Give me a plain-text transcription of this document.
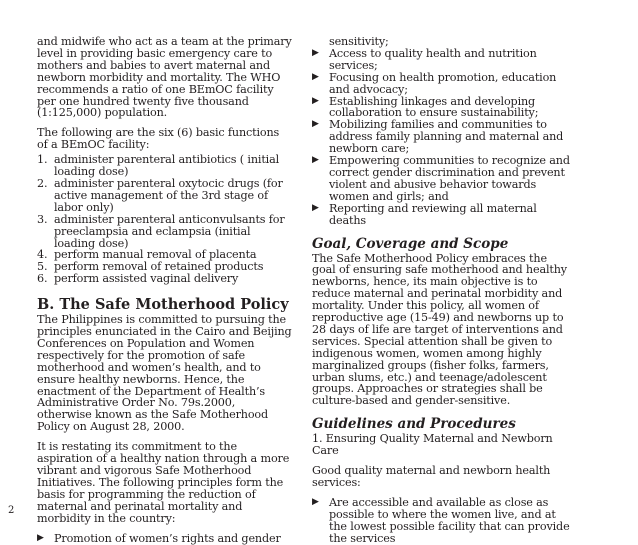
and midwife who act as a team at the primary level in providing basic emergency care to mothers and babies to avert maternal and newborn morbidity and mortality. The WHO recommends a ratio of one BEmOC facility per one hundred twenty five thousand (1:125,000) population.

The following are the six (6) basic functions of a BEmOC facility:

1. administer parenteral antibiotics ( initial loading dose)
2. administer parenteral oxytocic drugs (for active management of the 3rd stage of labor only)
3. administer parenteral anticonvulsants for preeclampsia and eclampsia (initial loading dose)
4. perform manual removal of placenta
5. perform removal of retained products
6. perform assisted vaginal delivery
B. The Safe Motherhood Policy

The Philippines is committed to pursuing the principles enunciated in the Cairo and Beijing Conferences on Population and Women respectively for the promotion of safe motherhood and women’s health, and to ensure healthy newborns. Hence, the enactment of the Department of Health’s Administrative Order No. 79s.2000, otherwise known as the Safe Motherhood Policy on August 28, 2000.

It is restating its commitment to the aspiration of a healthy nation through a more vibrant and vigorous Safe Motherhood Initiatives. The following principles form the basis for programming the reduction of maternal and perinatal mortality and morbidity in the country:

▶ Promotion of women’s rights and gender

sensitivity;

▶ Access to quality health and nutrition services;
▶ Focusing on health promotion, education and advocacy;
▶ Establishing linkages and developing collaboration to ensure sustainability;
▶ Mobilizing families and communities to address family planning and maternal and newborn care;
▶ Empowering communities to recognize and correct gender discrimination and prevent violent and abusive behavior towards women and girls; and
▶ Reporting and reviewing all maternal deaths
Goal, Coverage and Scope

The Safe Motherhood Policy embraces the goal of ensuring safe motherhood and healthy newborns, hence, its main objective is to reduce maternal and perinatal morbidity and mortality. Under this policy, all women of reproductive age (15-49) and newborns up to 28 days of life are target of interventions and services. Special attention shall be given to indigenous women, women among highly marginalized groups (fisher folks, farmers, urban slums, etc.) and teenage/adolescent groups. Approaches or strategies shall be culture-based and gender-sensitive.

Guidelines and Procedures

1. Ensuring Quality Maternal and Newborn Care

Good quality maternal and newborn health services:

▶ Are accessible and available as close as possible to where the women live, and at the lowest possible facility that can provide the services
2
